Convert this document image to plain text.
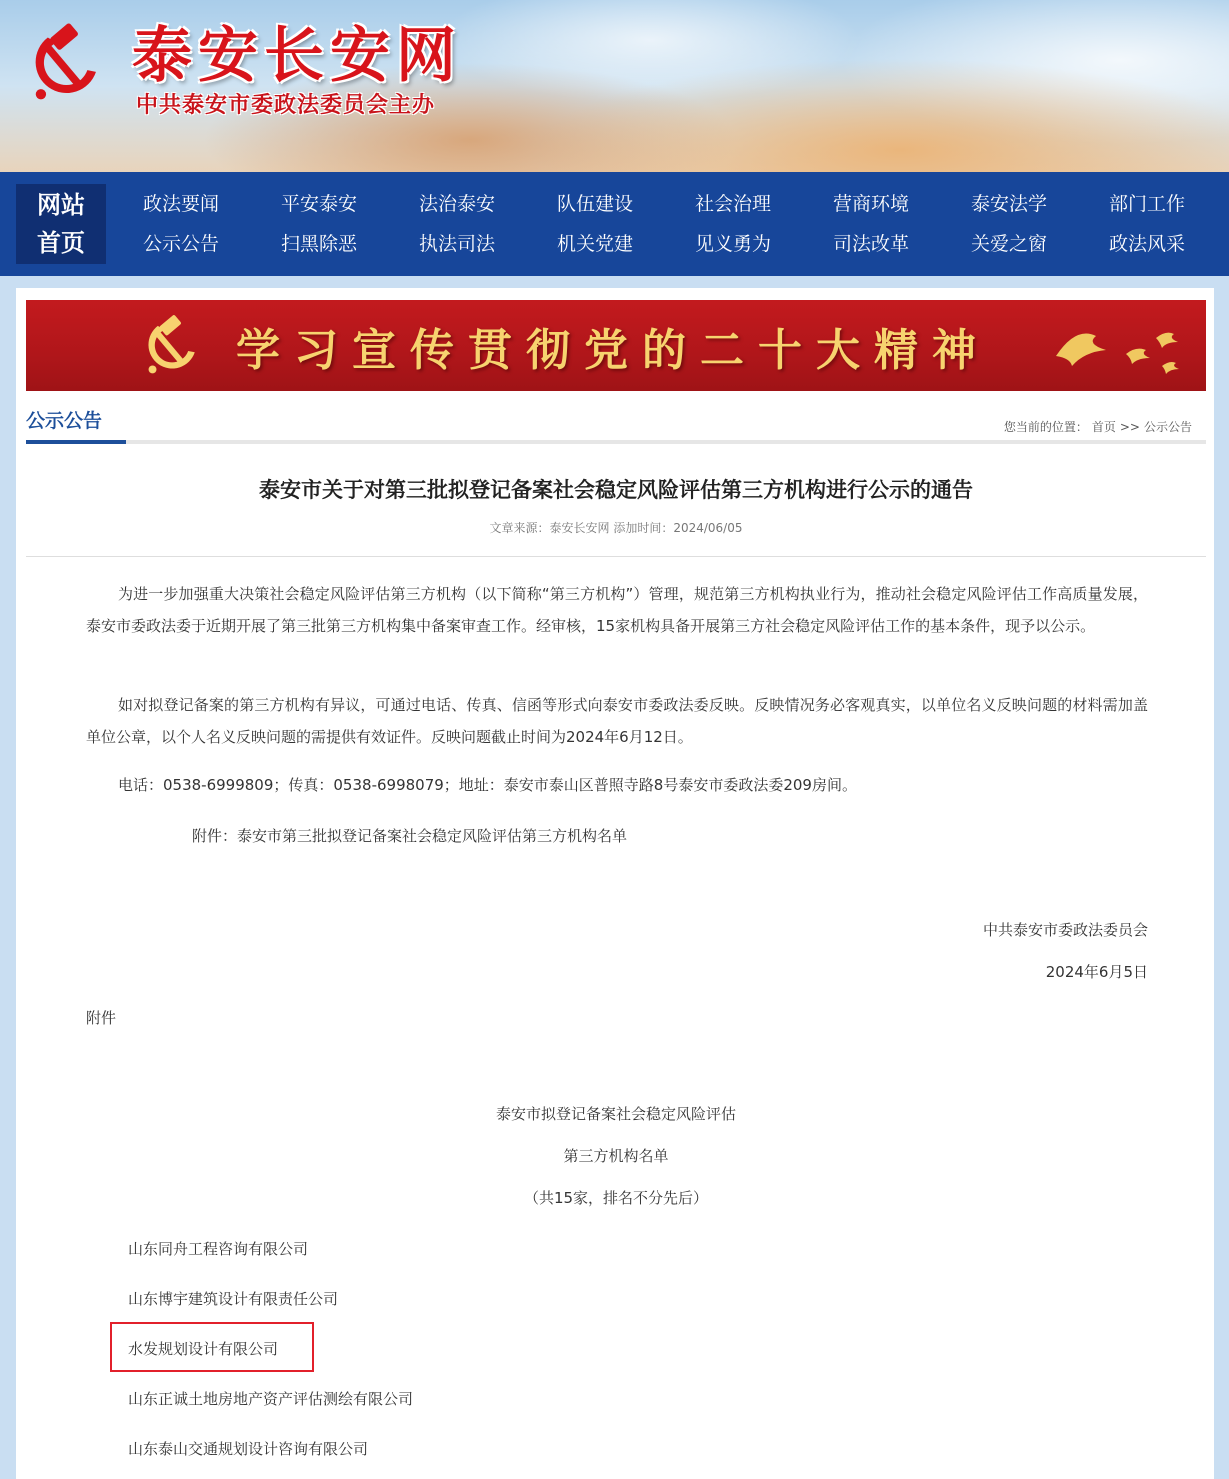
泰安长安网
中共泰安市委政法委员会主办
网站
首页
政法要闻	平安泰安	法治泰安	队伍建设	社会治理	营商环境	泰安法学	部门工作
公示公告	扫黑除恶	执法司法	机关党建	见义勇为	司法改革	关爱之窗	政法风采
学习宣传贯彻党的二十大精神
公示公告	您当前的位置： 首页 >> 公示公告
泰安市关于对第三批拟登记备案社会稳定风险评估第三方机构进行公示的通告
文章来源：泰安长安网 添加时间：2024/06/05
为进一步加强重大决策社会稳定风险评估第三方机构（以下简称“第三方机构”）管理，规范第三方机构执业行为，推动社会稳定风险评估工作高质量发展，泰安市委政法委于近期开展了第三批第三方机构集中备案审查工作。经审核，15家机构具备开展第三方社会稳定风险评估工作的基本条件，现予以公示。
如对拟登记备案的第三方机构有异议，可通过电话、传真、信函等形式向泰安市委政法委反映。反映情况务必客观真实，以单位名义反映问题的材料需加盖单位公章，以个人名义反映问题的需提供有效证件。反映问题截止时间为2024年6月12日。
电话：0538-6999809；传真：0538-6998079；地址：泰安市泰山区普照寺路8号泰安市委政法委209房间。
附件：泰安市第三批拟登记备案社会稳定风险评估第三方机构名单
中共泰安市委政法委员会
2024年6月5日
附件
泰安市拟登记备案社会稳定风险评估
第三方机构名单
（共15家，排名不分先后）
山东同舟工程咨询有限公司
山东博宇建筑设计有限责任公司
水发规划设计有限公司
山东正诚土地房地产资产评估测绘有限公司
山东泰山交通规划设计咨询有限公司
